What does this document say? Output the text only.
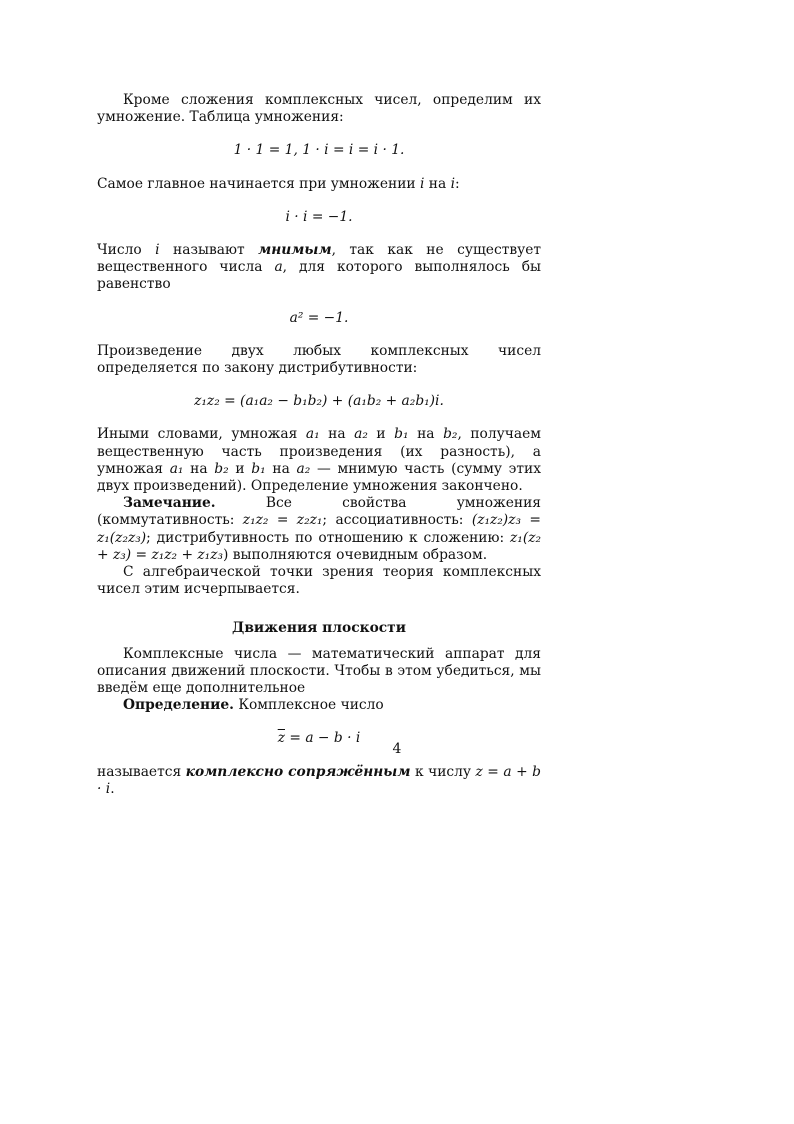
Кроме сложения комплексных чисел, определим их умножение. Таблица умножения:

1 · 1 = 1, 1 · i = i = i · 1.

Самое главное начинается при умножении i на i:

i · i = −1.

Число i называют мнимым, так как не существует вещественного числа a, для которого выполнялось бы равенство

a² = −1.

Произведение двух любых комплексных чисел определяется по закону дистрибутивности:

z₁z₂ = (a₁a₂ − b₁b₂) + (a₁b₂ + a₂b₁)i.

Иными словами, умножая a₁ на a₂ и b₁ на b₂, получаем вещественную часть произведения (их разность), а умножая a₁ на b₂ и b₁ на a₂ — мнимую часть (сумму этих двух произведений). Определение умножения закончено.

Замечание. Все свойства умножения (коммутативность: z₁z₂ = z₂z₁; ассоциативность: (z₁z₂)z₃ = z₁(z₂z₃); дистрибутивность по отношению к сложению: z₁(z₂ + z₃) = z₁z₂ + z₁z₃) выполняются очевидным образом.

С алгебраической точки зрения теория комплексных чисел этим исчерпывается.

Движения плоскости

Комплексные числа — математический аппарат для описания движений плоскости. Чтобы в этом убедиться, мы введём еще дополнительное

Определение. Комплексное число

$\overline{z} = a - b \cdot i$

называется комплексно сопряжённым к числу z = a + b · i.

4
